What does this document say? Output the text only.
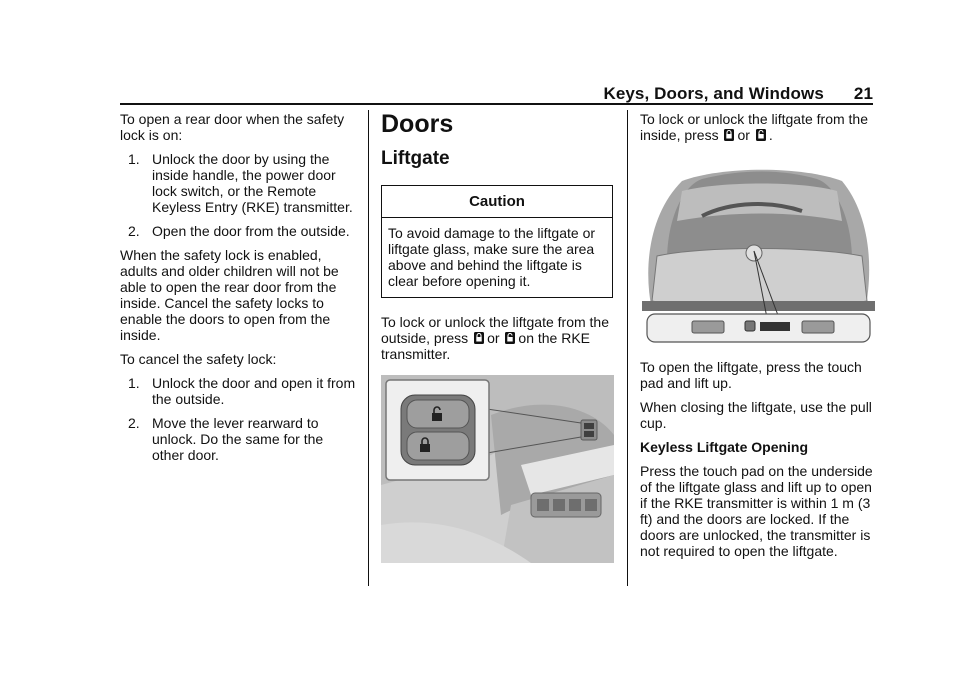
Keys, Doors, and Windows 21

To open a rear door when the safety lock is on:

1. Unlock the door by using the inside handle, the power door lock switch, or the Remote Keyless Entry (RKE) transmitter.
2. Open the door from the outside.

When the safety lock is enabled, adults and older children will not be able to open the rear door from the inside. Cancel the safety locks to enable the doors to open from the inside.

To cancel the safety lock:

1. Unlock the door and open it from the outside.
2. Move the lever rearward to unlock. Do the same for the other door.
Doors
Liftgate
Caution
To avoid damage to the liftgate or liftgate glass, make sure the area above and behind the liftgate is clear before opening it.

To lock or unlock the liftgate from the outside, press or on the RKE transmitter.

To lock or unlock the liftgate from the inside, press or .

To open the liftgate, press the touch pad and lift up.

When closing the liftgate, use the pull cup.

Keyless Liftgate Opening

Press the touch pad on the underside of the liftgate glass and lift up to open if the RKE transmitter is within 1 m (3 ft) and the doors are locked. If the doors are unlocked, the transmitter is not required to open the liftgate.
